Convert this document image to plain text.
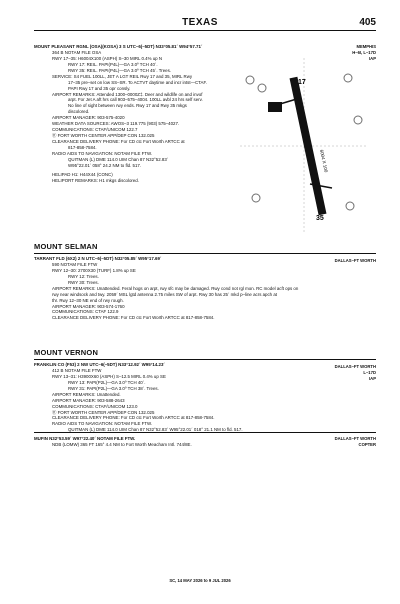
TEXAS	405
MEMPHIS
H–6I, L–17D
IAP
MOUNT PLEASANT RGNL (OSA)(KOSA) 3 S UTC–6(–5DT) N33°05.81´ W94°57.71´
364 B NOTAM FILE OSA
RWY 17–35: H6004X100 (ASPH) S–30 MIRL 0.4% up N
RWY 17: REIL. PAPI(P4L)—GA 3.0º TCH 40´.
RWY 35: REIL. PAPI(P4L)—GA 3.0º TCH 45´. Trees.
SERVICE: S4 FUEL 100LL, JET A LGT REIL Rwy 17 and 35, MIRL Rwy
17–35 pre–set on low SS–SR. To ACTVT daytime and incr intst—CTAF.
PAPI Rwy 17 and 35 opr consly.
AIRPORT REMARKS: Attended 1300–0000Z‡. Deer and wildlife on and invof
arpt. For Jet A aft hrs call 903–575–4004. 100LL avbl 24 hrs self serv.
No line of sight between rwy ends. Rwy 17 and Rwy 35 mkgs
discolored.
AIRPORT MANAGER: 903-575-4020
WEATHER DATA SOURCES: AWOS–3 119.775 (903) 575–4027.
COMMUNICATIONS: CTAF/UNICOM 122.7
Ⓡ FORT WORTH CENTER APP/DEP CON 132.025
CLEARANCE DELIVERY PHONE: For CD ctc Fort Worth ARTCC at
817-858-7584.
RADIO AIDS TO NAVIGATION: NOTAM FILE FTW.
QUITMAN (L) DME 114.0 UIM Chan 87 N32°52.83´
W95°22.01´ 058° 24.2 NM to fld. 517.
HELIPAD H1: H44X44 (CONC)
HELIPORT REMARKS: H1 mkgs discolored.
17
35
6004 X 100
MOUNT SELMAN
DALLAS–FT WORTH
TARRANT FLD (6X2) 2 N UTC–6(–5DT) N32°05.85´ W95°17.69´
590 NOTAM FILE FTW
RWY 12–30: 2700X30 (TURF) 1.8% up SE
RWY 12: Trees.
RWY 30: Trees.
AIRPORT REMARKS: Unattended. Feral hogs on arpt, rwy sfc may be damaged. Rwy cond not rgl mon. RC model acft ops on
rwy near windsock and twy. 2059´ MSL lgtd antenna 2.75 miles SW of arpt. Rwy 30 has 25´ mkd p–line acrs apch at
thr. Rwy 12–30 NE end of rwy rough.
AIRPORT MANAGER: 903-574-1760
COMMUNICATIONS: CTAF 122.9
CLEARANCE DELIVERY PHONE: For CD ctc Fort Worth ARTCC at 817-858-7584.
MOUNT VERNON
DALLAS–FT WORTH
L–17D
IAP
FRANKLIN CO (F53) 2 NW UTC–6(–5DT) N33°12.92´ W95°14.23´
412 B NOTAM FILE FTW
RWY 13–31: H3900X60 (ASPH) S–12.5 MIRL 0.4% up SE
RWY 13: PAPI(P2L)—GA 3.0º TCH 40´.
RWY 31: PAPI(P2L)—GA 3.0º TCH 38´. Trees.
AIRPORT REMARKS: Unattended.
AIRPORT MANAGER: 903-588-2643
COMMUNICATIONS: CTAF/UNICOM 123.0
Ⓡ FORT WORTH CENTER APP/DEP CON 132.025
CLEARANCE DELIVERY PHONE: For CD ctc Fort Worth ARTCC at 817-858-7584.
RADIO AIDS TO NAVIGATION: NOTAM FILE FTW.
QUITMAN (L) DME 114.0 UIM Chan 87 N32°52.83´ W95°22.01´ 018° 21.1 NM to fld. 517.
DALLAS–FT WORTH
COPTER
MUFIN N32°53.59´ W97°22.40´ NOTAM FILE FTW.
NDB (LOMW) 365 FT 165° 4.4 NM to Fort Worth Meacham Intl. 744/8E.
SC, 14 MAY 2026 to 9 JUL 2026
